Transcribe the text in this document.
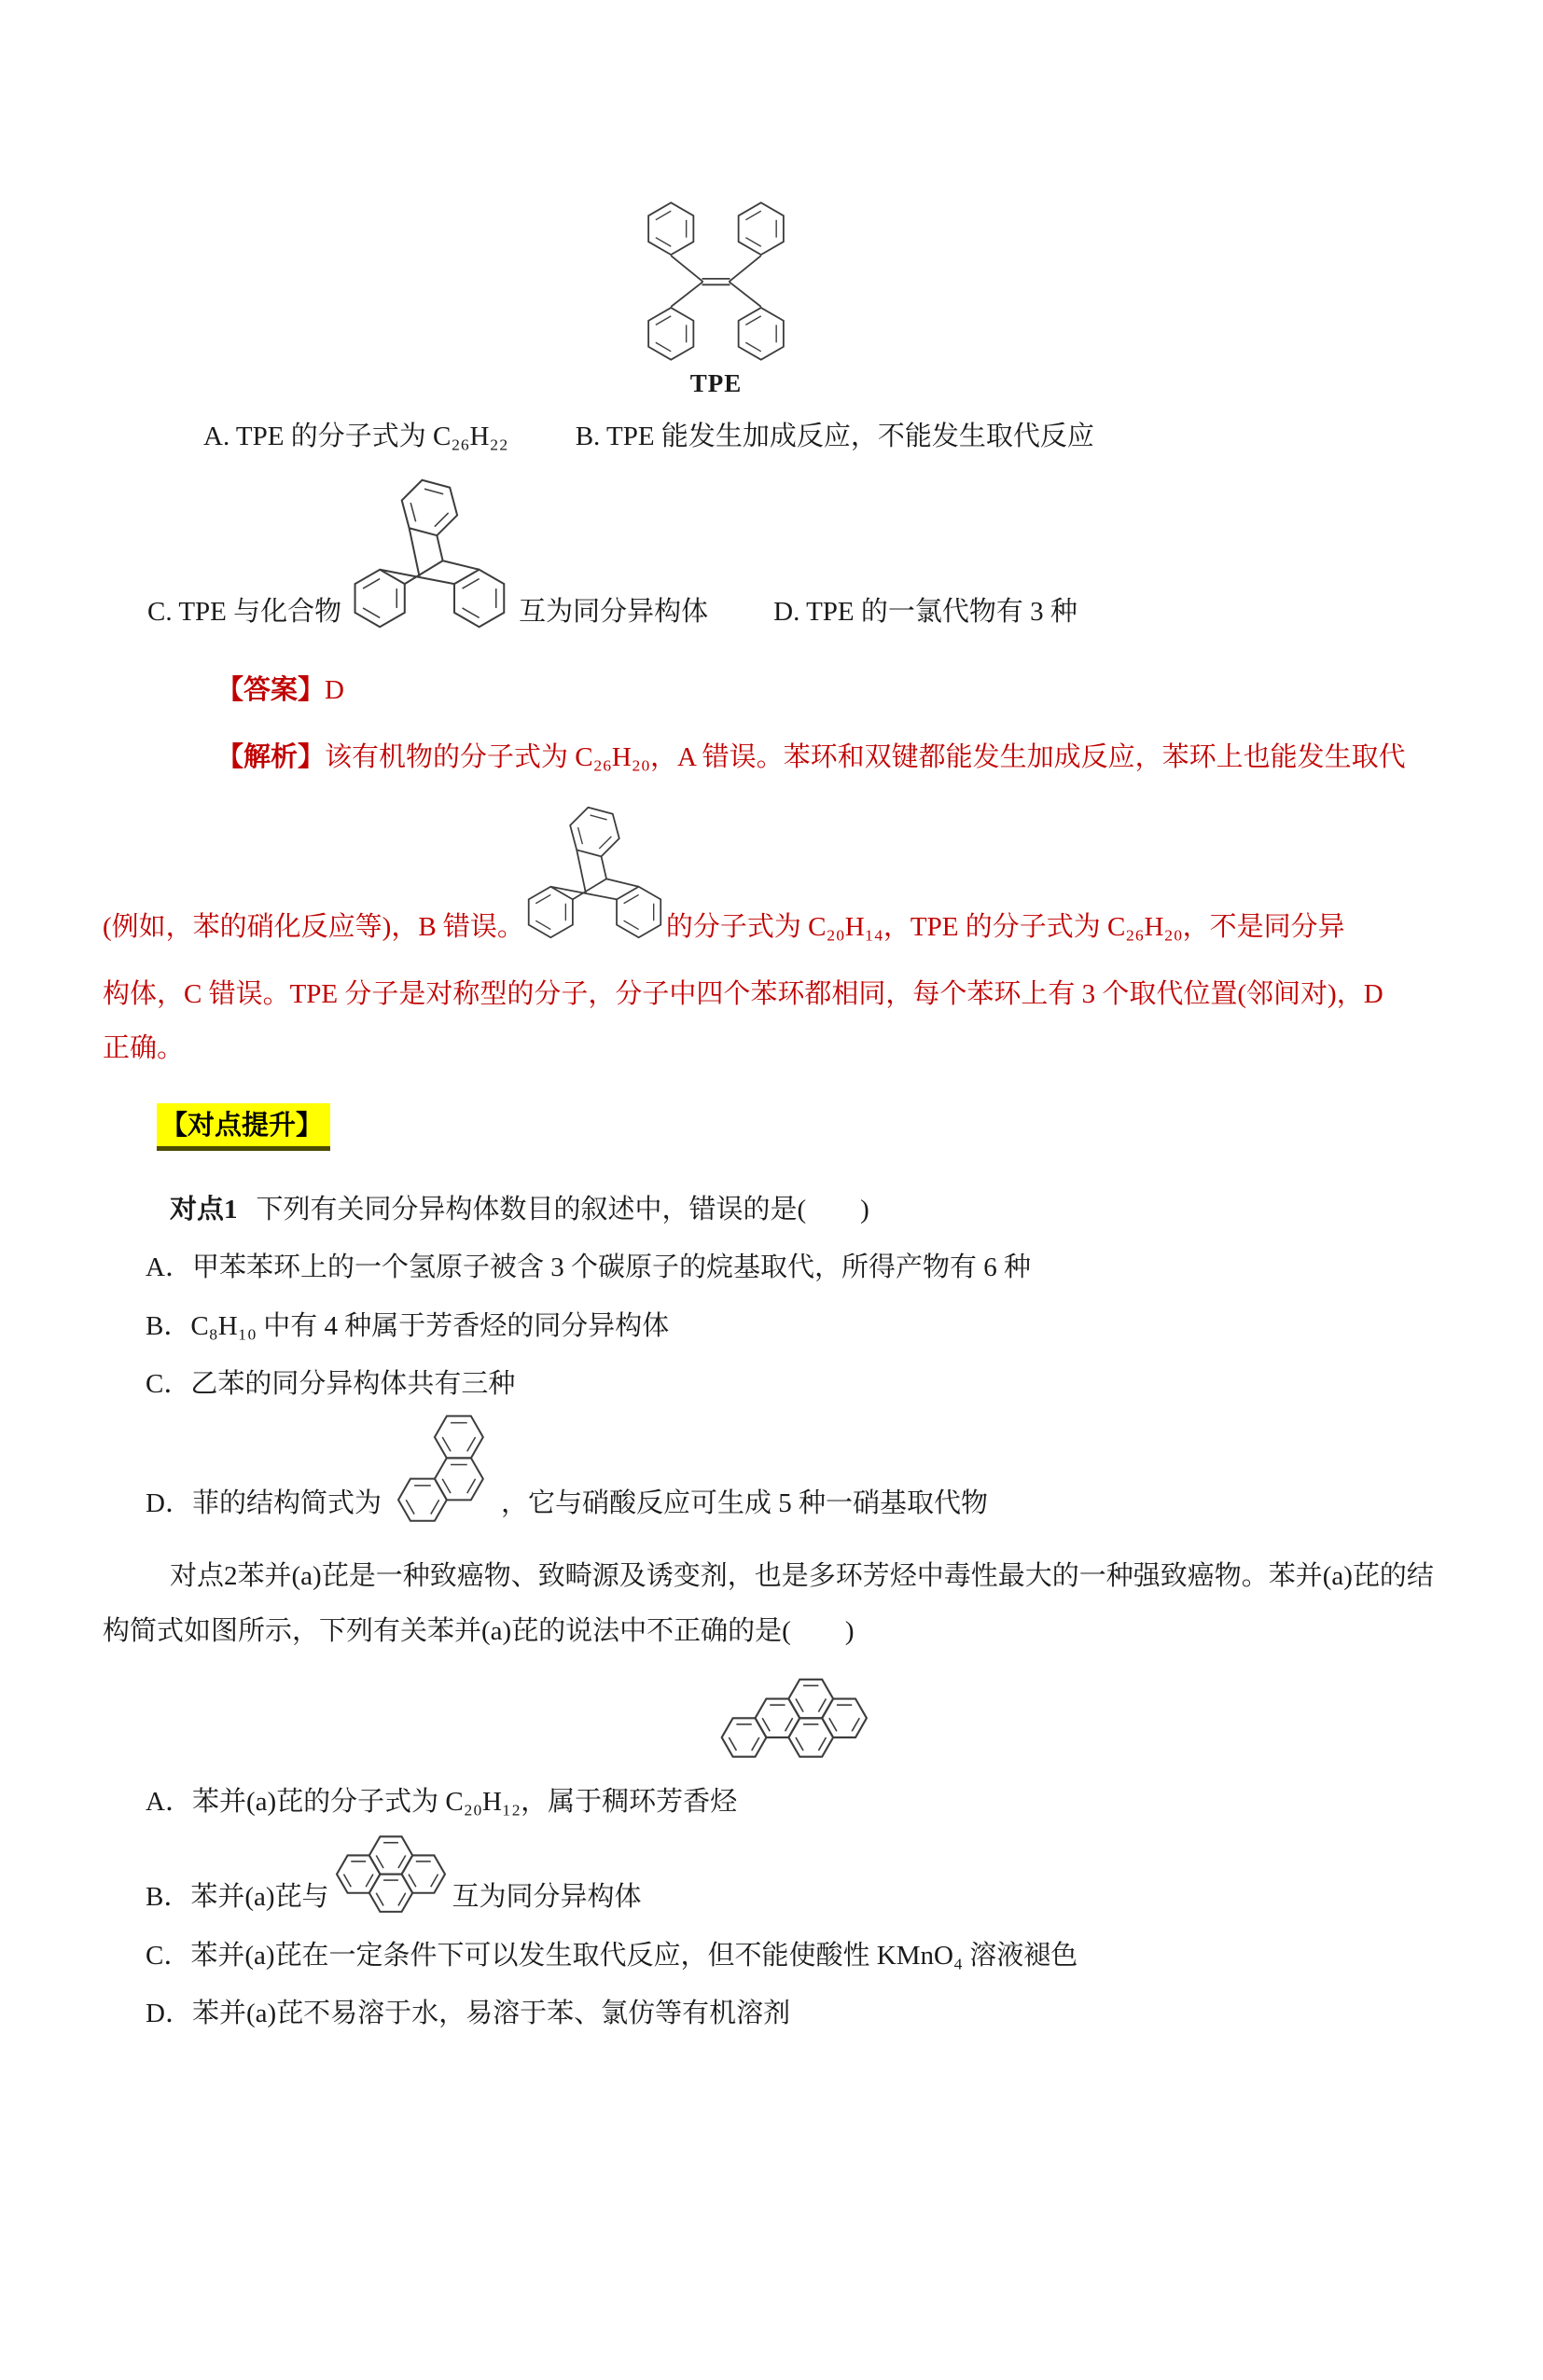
TPE
A. TPE 的分子式为 C₂₆H₂₂ B. TPE 能发生加成反应，不能发生取代反应
C. TPE 与化合物	互为同分异构体 D. TPE 的一氯代物有 3 种

【答案】D

【解析】该有机物的分子式为 C₂₆H₂₀，A 错误。苯环和双键都能发生加成反应，苯环上也能发生取代

(例如，苯的硝化反应等)，B 错误。	的分子式为 C₂₀H₁₄，TPE 的分子式为 C₂₆H₂₀，不是同分异

构体，C 错误。TPE 分子是对称型的分子，分子中四个苯环都相同，每个苯环上有 3 个取代位置(邻间对)，D

正确。

【对点提升】

对点1 下列有关同分异构体数目的叙述中，错误的是(　　)

A．甲苯苯环上的一个氢原子被含 3 个碳原子的烷基取代，所得产物有 6 种

B．C₈H₁₀ 中有 4 种属于芳香烃的同分异构体

C．乙苯的同分异构体共有三种

D．菲的结构简式为	，它与硝酸反应可生成 5 种一硝基取代物

对点2苯并(a)芘是一种致癌物、致畸源及诱变剂，也是多环芳烃中毒性最大的一种强致癌物。苯并(a)芘的结构简式如图所示，下列有关苯并(a)芘的说法中不正确的是(　　)

A．苯并(a)芘的分子式为 C₂₀H₁₂，属于稠环芳香烃

B．苯并(a)芘与	互为同分异构体

C．苯并(a)芘在一定条件下可以发生取代反应，但不能使酸性 KMnO₄ 溶液褪色

D．苯并(a)芘不易溶于水，易溶于苯、氯仿等有机溶剂
